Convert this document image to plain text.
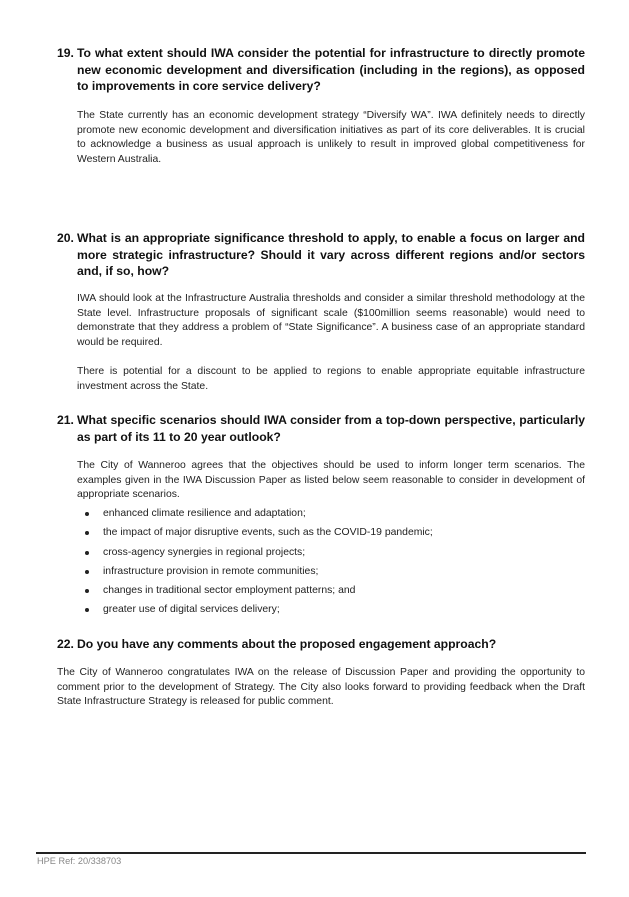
19. To what extent should IWA consider the potential for infrastructure to directly promote new economic development and diversification (including in the regions), as opposed to improvements in core service delivery?
The State currently has an economic development strategy “Diversify WA”. IWA definitely needs to directly promote new economic development and diversification initiatives as part of its core deliverables. It is crucial to acknowledge a business as usual approach is unlikely to result in improved global competitiveness for Western Australia.
20. What is an appropriate significance threshold to apply, to enable a focus on larger and more strategic infrastructure? Should it vary across different regions and/or sectors and, if so, how?
IWA should look at the Infrastructure Australia thresholds and consider a similar threshold methodology at the State level. Infrastructure proposals of significant scale ($100million seems reasonable) would need to demonstrate that they address a problem of “State Significance”. A business case of an appropriate standard would be required.
There is potential for a discount to be applied to regions to enable appropriate equitable infrastructure investment across the State.
21. What specific scenarios should IWA consider from a top-down perspective, particularly as part of its 11 to 20 year outlook?
The City of Wanneroo agrees that the objectives should be used to inform longer term scenarios. The examples given in the IWA Discussion Paper as listed below seem reasonable to consider in development of appropriate scenarios.
enhanced climate resilience and adaptation;
the impact of major disruptive events, such as the COVID-19 pandemic;
cross-agency synergies in regional projects;
infrastructure provision in remote communities;
changes in traditional sector employment patterns; and
greater use of digital services delivery;
22. Do you have any comments about the proposed engagement approach?
The City of Wanneroo congratulates IWA on the release of Discussion Paper and providing the opportunity to comment prior to the development of Strategy. The City also looks forward to providing feedback when the Draft State Infrastructure Strategy is released for public comment.
HPE Ref: 20/338703
